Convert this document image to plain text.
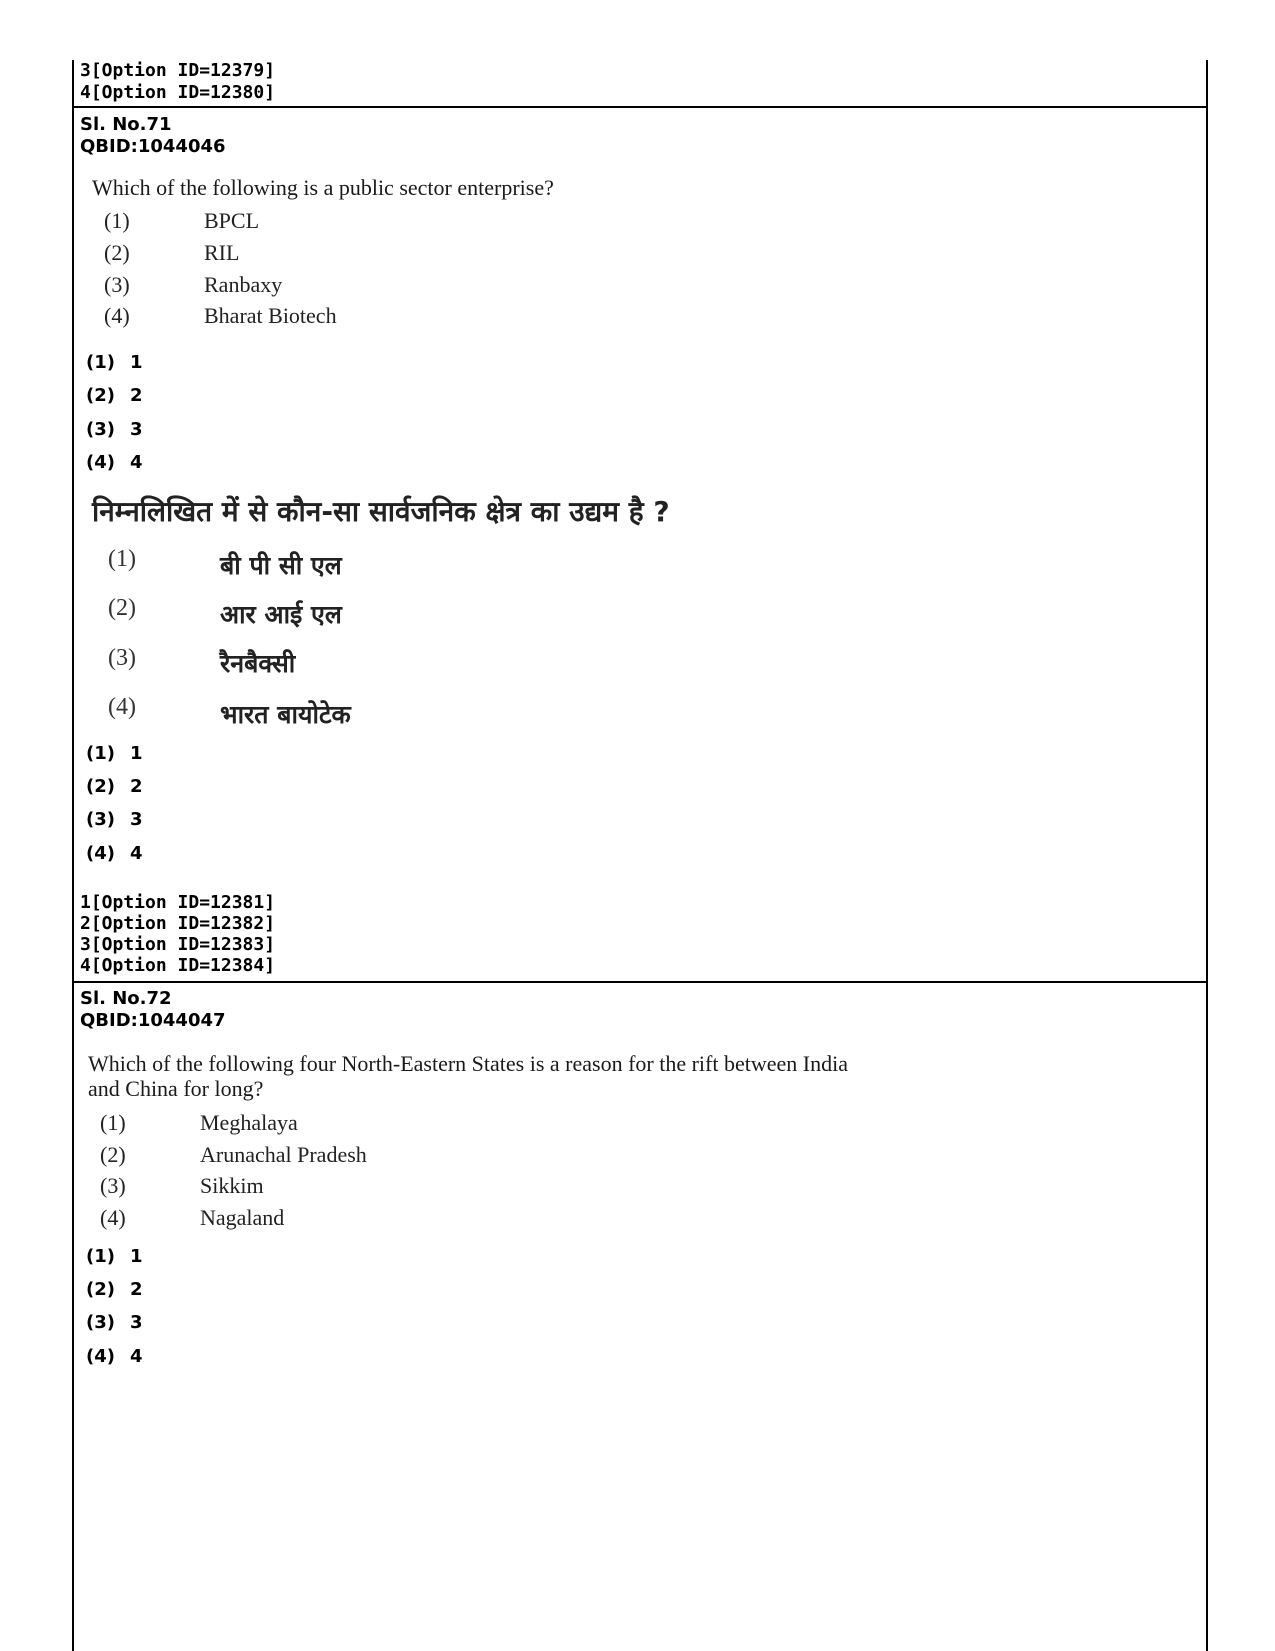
3[Option ID=12379]
4[Option ID=12380]
Sl. No.71
QBID:1044046
Which of the following is a public sector enterprise?
(1)	BPCL
(2)	RIL
(3)	Ranbaxy
(4)	Bharat Biotech
(1) 1
(2) 2
(3) 3
(4) 4
निम्नलिखित में से कौन-सा सार्वजनिक क्षेत्र का उद्यम है ?
(1)	बी पी सी एल
(2)	आर आई एल
(3)	रैनबैक्सी
(4)	भारत बायोटेक
(1) 1
(2) 2
(3) 3
(4) 4
1[Option ID=12381]
2[Option ID=12382]
3[Option ID=12383]
4[Option ID=12384]
Sl. No.72
QBID:1044047
Which of the following four North-Eastern States is a reason for the rift between India
and China for long?
(1)	Meghalaya
(2)	Arunachal Pradesh
(3)	Sikkim
(4)	Nagaland
(1) 1
(2) 2
(3) 3
(4) 4
